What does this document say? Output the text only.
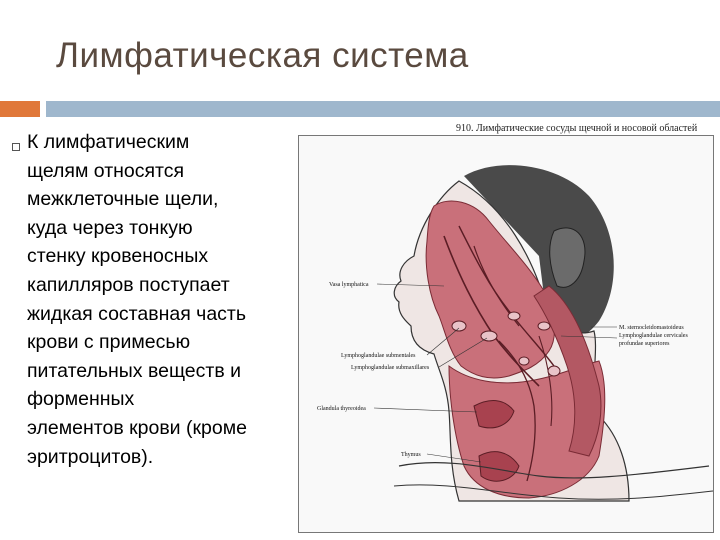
Лимфатическая система
К лимфатическим
щелям относятся
межклеточные щели,
куда через тонкую
стенку кровеносных
капилляров поступает
жидкая составная часть
крови с примесью
питательных веществ и
форменных
элементов крови (кроме
эритроцитов).
910. Лимфатические сосуды щечной и носовой областей
Vasa lymphatica
Lymphoglandulae submentales
Lymphoglandulae submaxillares
Glandula thyreoidea
Thymus
M. sternocleidomastoideus
Lymphoglandulae cervicales
profundae superiores
